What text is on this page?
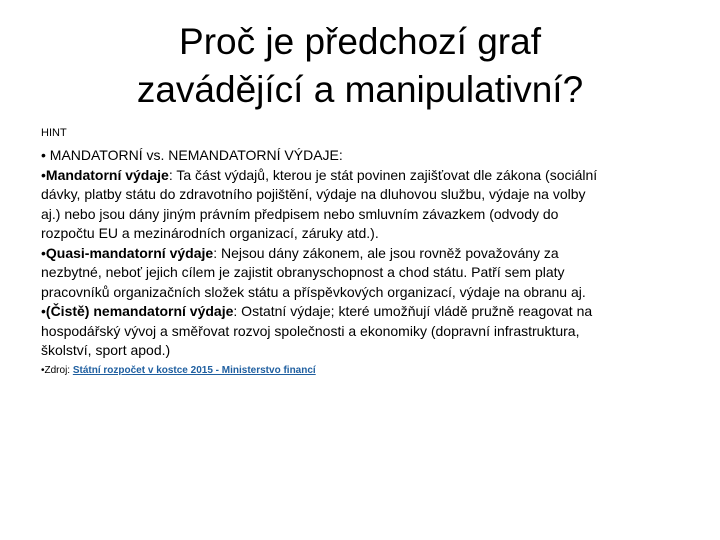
Proč je předchozí graf
zavádějící a manipulativní?

HINT

• MANDATORNÍ vs. NEMANDATORNÍ VÝDAJE:

•Mandatorní výdaje: Ta část výdajů, kterou je stát povinen zajišťovat dle zákona (sociální dávky, platby státu do zdravotního pojištění, výdaje na dluhovou službu, výdaje na volby aj.) nebo jsou dány jiným právním předpisem nebo smluvním závazkem (odvody do rozpočtu EU a mezinárodních organizací, záruky atd.).

•Quasi-mandatorní výdaje: Nejsou dány zákonem, ale jsou rovněž považovány za nezbytné, neboť jejich cílem je zajistit obranyschopnost a chod státu. Patří sem platy pracovníků organizačních složek státu a příspěvkových organizací, výdaje na obranu aj.

•(Čistě) nemandatorní výdaje: Ostatní výdaje; které umožňují vládě pružně reagovat na hospodářský vývoj a směřovat rozvoj společnosti a ekonomiky (dopravní infrastruktura, školství, sport apod.)

•Zdroj: Státní rozpočet v kostce 2015 - Ministerstvo financí
